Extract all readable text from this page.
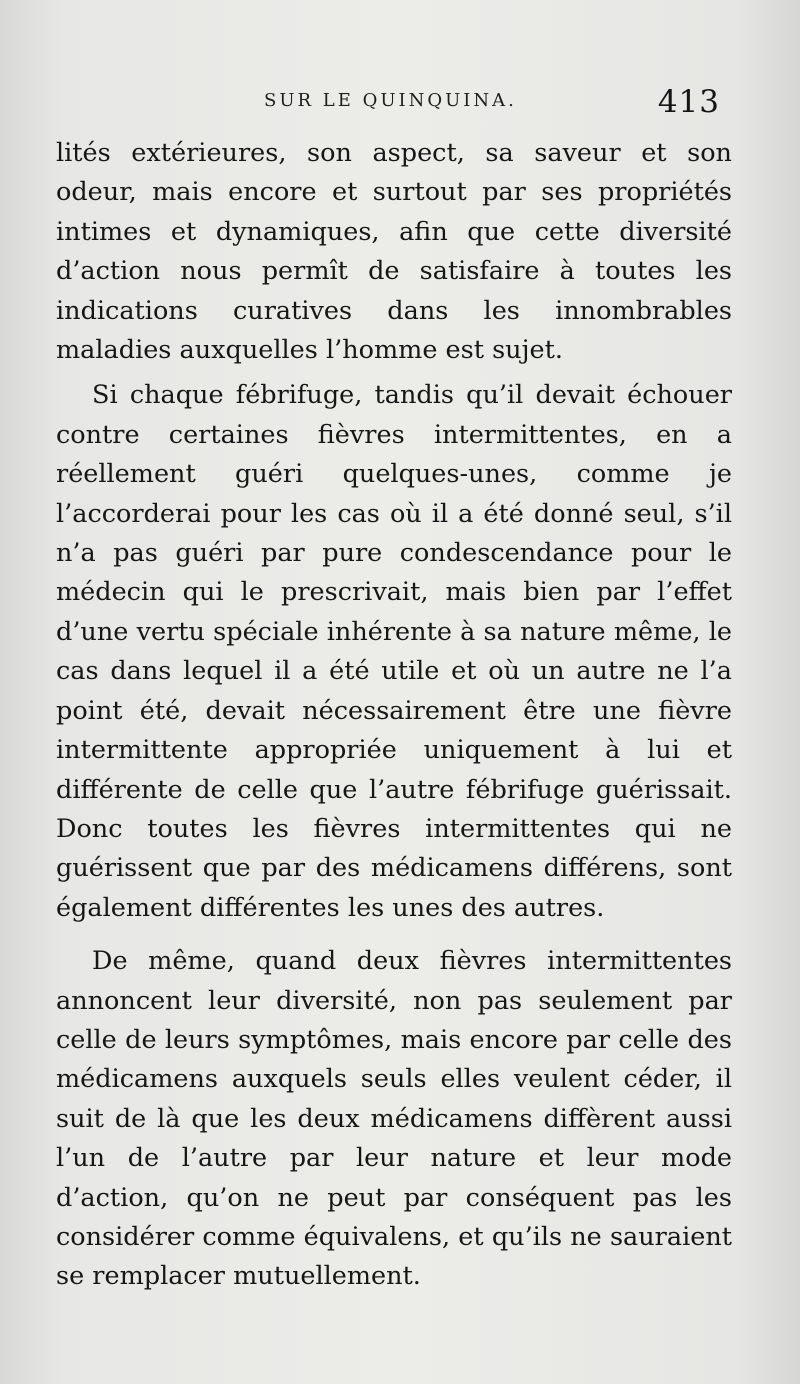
SUR LE QUINQUINA.	413

lités extérieures, son aspect, sa saveur et son odeur, mais encore et surtout par ses propriétés intimes et dynamiques, afin que cette diversité d’action nous permît de satisfaire à toutes les indications curatives dans les innombrables maladies auxquelles l’homme est sujet.

Si chaque fébrifuge, tandis qu’il devait échouer contre certaines fièvres intermittentes, en a réellement guéri quelques-unes, comme je l’accorderai pour les cas où il a été donné seul, s’il n’a pas guéri par pure condescendance pour le médecin qui le prescrivait, mais bien par l’effet d’une vertu spéciale inhérente à sa nature même, le cas dans lequel il a été utile et où un autre ne l’a point été, devait nécessairement être une fièvre intermittente appropriée uniquement à lui et différente de celle que l’autre fébrifuge guérissait. Donc toutes les fièvres intermittentes qui ne guérissent que par des médicamens différens, sont également différentes les unes des autres.

De même, quand deux fièvres intermittentes annoncent leur diversité, non pas seulement par celle de leurs symptômes, mais encore par celle des médicamens auxquels seuls elles veulent céder, il suit de là que les deux médicamens diffèrent aussi l’un de l’autre par leur nature et leur mode d’action, qu’on ne peut par conséquent pas les considérer comme équivalens, et qu’ils ne sauraient se remplacer mutuellement.
